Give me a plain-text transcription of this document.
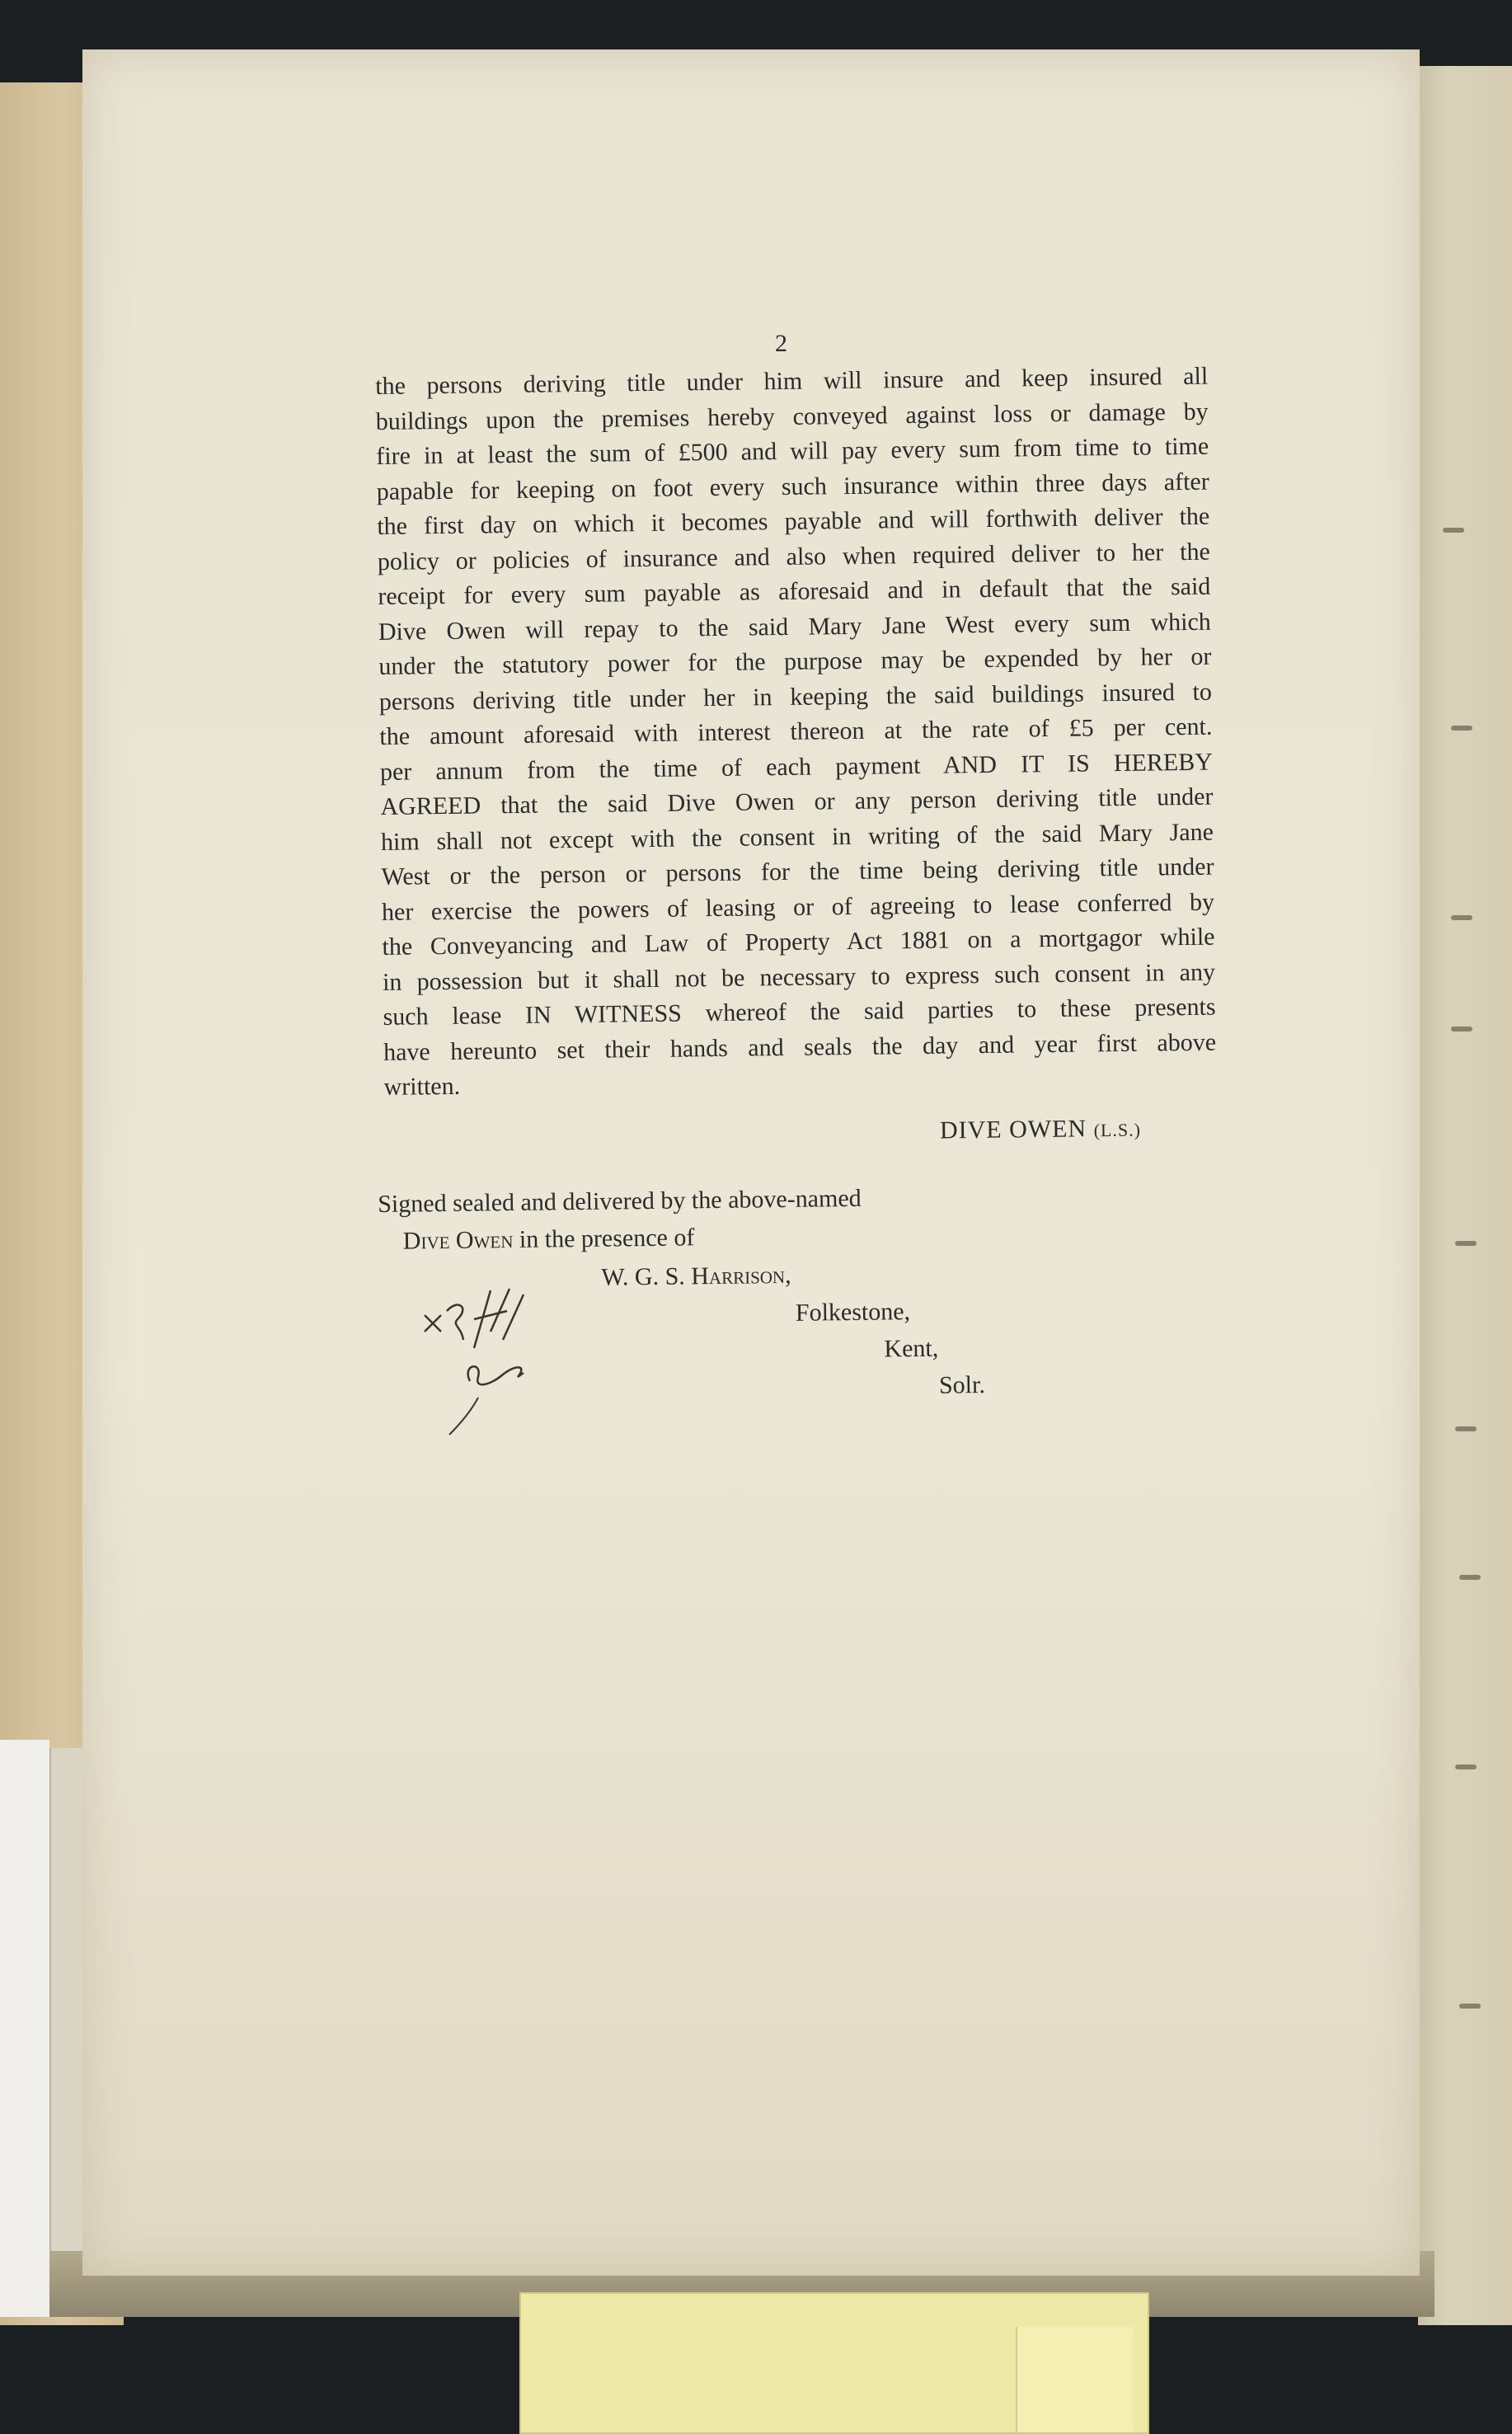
2
the persons deriving title under him will insure and keep insured all
buildings upon the premises hereby conveyed against loss or damage by
fire in at least the sum of £500 and will pay every sum from time to time
papable for keeping on foot every such insurance within three days after
the first day on which it becomes payable and will forthwith deliver the
policy or policies of insurance and also when required deliver to her the
receipt for every sum payable as aforesaid and in default that the said
Dive Owen will repay to the said Mary Jane West every sum which
under the statutory power for the purpose may be expended by her or
persons deriving title under her in keeping the said buildings insured to
the amount aforesaid with interest thereon at the rate of £5 per cent.
per annum from the time of each payment AND IT IS HEREBY
AGREED that the said Dive Owen or any person deriving title under
him shall not except with the consent in writing of the said Mary Jane
West or the person or persons for the time being deriving title under
her exercise the powers of leasing or of agreeing to lease conferred by
the Conveyancing and Law of Property Act 1881 on a mortgagor while
in possession but it shall not be necessary to express such consent in any
such lease IN WITNESS whereof the said parties to these presents
have hereunto set their hands and seals the day and year first above
written.
DIVE OWEN (L.S.)
Signed sealed and delivered by the above-named
Dive Owen in the presence of
W. G. S. Harrison,
Folkestone,
Kent,
Solr.
